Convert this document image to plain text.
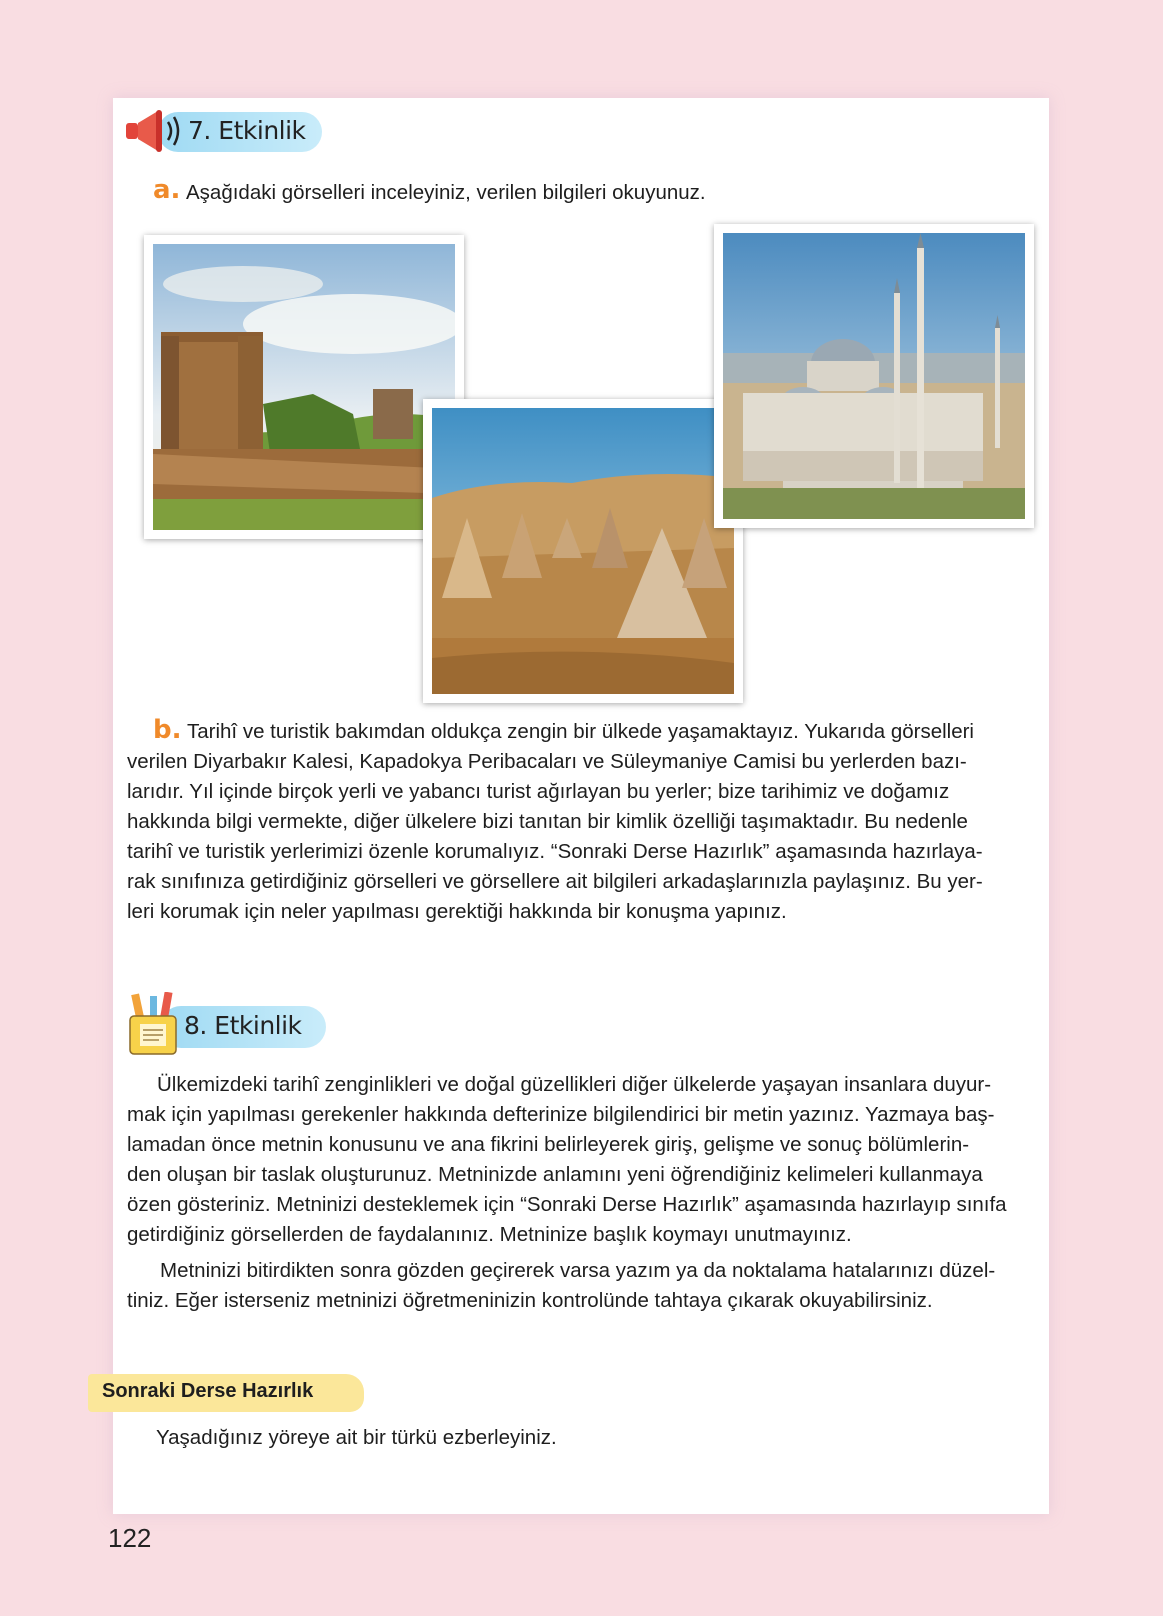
7. Etkinlik
a. Aşağıdaki görselleri inceleyiniz, verilen bilgileri okuyunuz.
b. Tarihî ve turistik bakımdan oldukça zengin bir ülkede yaşamaktayız. Yukarıda görselleri
verilen Diyarbakır Kalesi, Kapadokya Peribacaları ve Süleymaniye Camisi bu yerlerden bazı-
larıdır. Yıl içinde birçok yerli ve yabancı turist ağırlayan bu yerler; bize tarihimiz ve doğamız
hakkında bilgi vermekte, diğer ülkelere bizi tanıtan bir kimlik özelliği taşımaktadır. Bu nedenle
tarihî ve turistik yerlerimizi özenle korumalıyız. “Sonraki Derse Hazırlık” aşamasında hazırlaya-
rak sınıfınıza getirdiğiniz görselleri ve görsellere ait bilgileri arkadaşlarınızla paylaşınız. Bu yer-
leri korumak için neler yapılması gerektiği hakkında bir konuşma yapınız.
8. Etkinlik
Ülkemizdeki tarihî zenginlikleri ve doğal güzellikleri diğer ülkelerde yaşayan insanlara duyur-
mak için yapılması gerekenler hakkında defterinize bilgilendirici bir metin yazınız. Yazmaya baş-
lamadan önce metnin konusunu ve ana fikrini belirleyerek giriş, gelişme ve sonuç bölümlerin-
den oluşan bir taslak oluşturunuz. Metninizde anlamını yeni öğrendiğiniz kelimeleri kullanmaya
özen gösteriniz. Metninizi desteklemek için “Sonraki Derse Hazırlık” aşamasında hazırlayıp sınıfa
getirdiğiniz görsellerden de faydalanınız. Metninize başlık koymayı unutmayınız.
Metninizi bitirdikten sonra gözden geçirerek varsa yazım ya da noktalama hatalarınızı düzel-
tiniz. Eğer isterseniz metninizi öğretmeninizin kontrolünde tahtaya çıkarak okuyabilirsiniz.
Sonraki Derse Hazırlık
Yaşadığınız yöreye ait bir türkü ezberleyiniz.
122
